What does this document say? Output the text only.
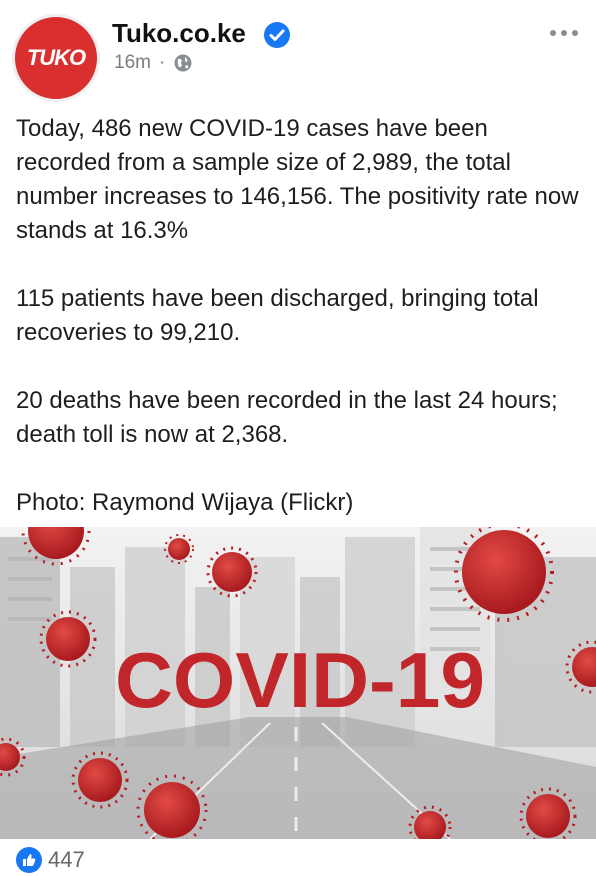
TUKO
Tuko.co.ke
16m ·

Today, 486 new COVID-19 cases have been recorded from a sample size of 2,989, the total number increases to 146,156. The positivity rate now stands at 16.3%

115 patients have been discharged, bringing total recoveries to 99,210.

20 deaths have been recorded in the last 24 hours; death toll is now at 2,368.

Photo: Raymond Wijaya (Flickr)

COVID-19
447
